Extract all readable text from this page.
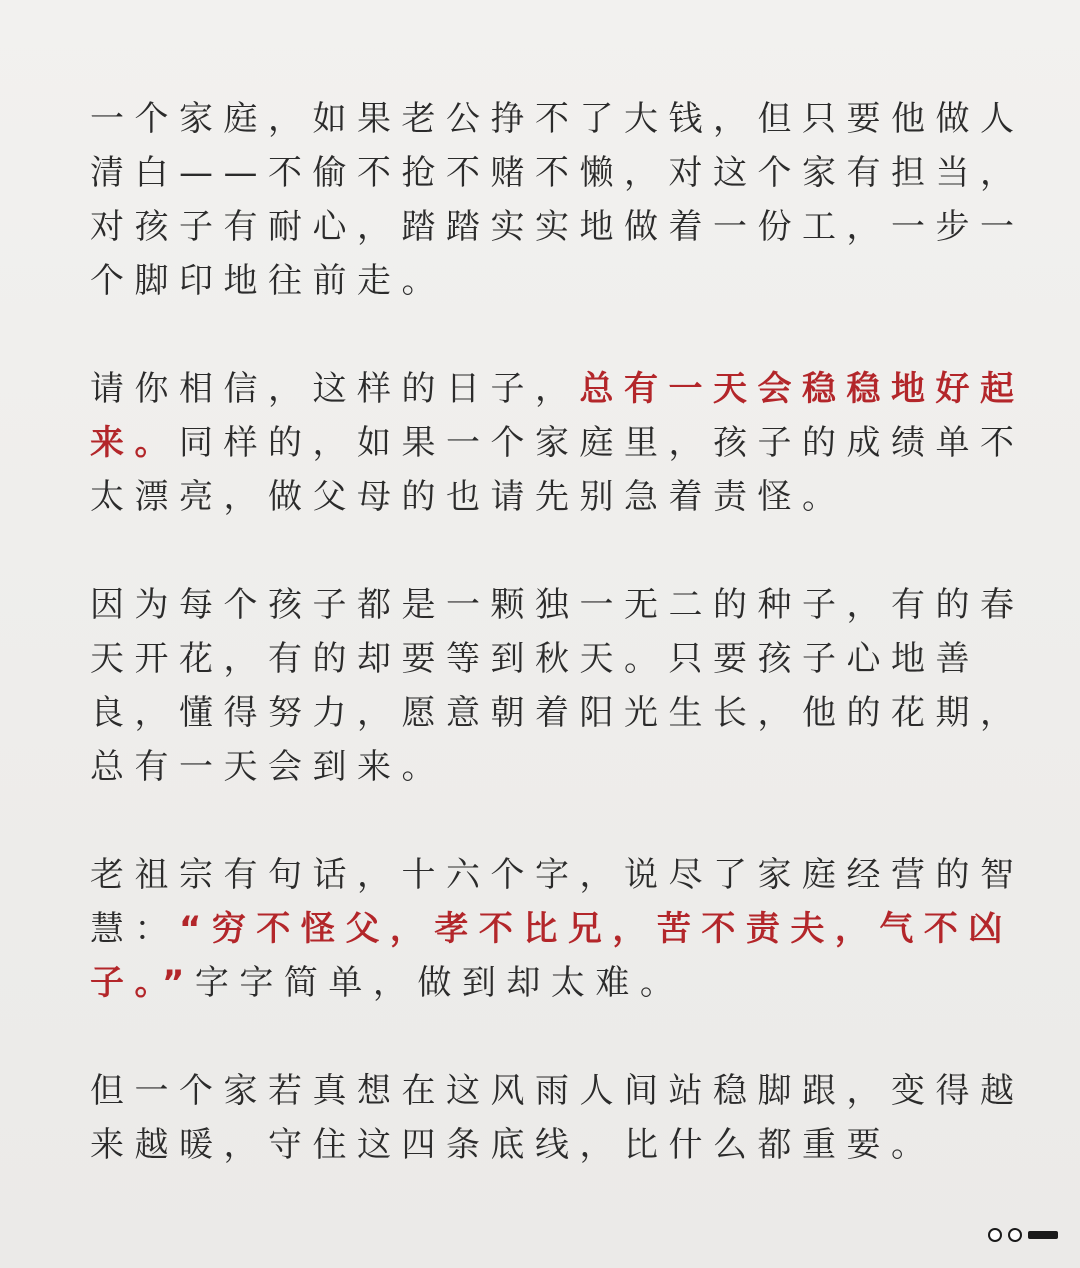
一个家庭，如果老公挣不了大钱，但只要他做人
清白——不偷不抢不赌不懒，对这个家有担当，
对孩子有耐心，踏踏实实地做着一份工，一步一
个脚印地往前走。
请你相信，这样的日子，总有一天会稳稳地好起
来。同样的，如果一个家庭里，孩子的成绩单不
太漂亮，做父母的也请先别急着责怪。
因为每个孩子都是一颗独一无二的种子，有的春
天开花，有的却要等到秋天。只要孩子心地善
良，懂得努力，愿意朝着阳光生长，他的花期，
总有一天会到来。
老祖宗有句话，十六个字，说尽了家庭经营的智
慧：“穷不怪父，孝不比兄，苦不责夫，气不凶
子。”字字简单，做到却太难。
但一个家若真想在这风雨人间站稳脚跟，变得越
来越暖，守住这四条底线，比什么都重要。
